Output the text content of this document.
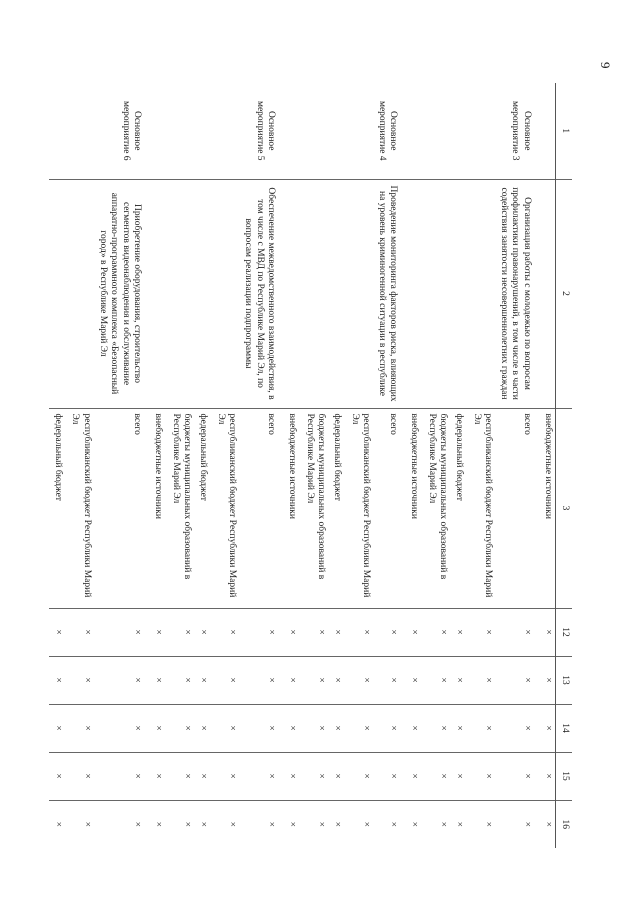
9
1	2	3	12	13	14	15	16
		внебюджетные источники	×	×	×	×	×
Основное мероприятие 3	Организация работы с молодежью по вопросам профилактики правонарушений, в том числе в части содействия занятости несовершеннолетних граждан	всего	×	×	×	×	×
		республиканский бюджет Республики Марий Эл	×	×	×	×	×
		федеральный бюджет	×	×	×	×	×
		бюджеты муниципальных образований в Республике Марий Эл	×	×	×	×	×
		внебюджетные источники	×	×	×	×	×
Основное мероприятие 4	Проведение мониторинга факторов риска, влияющих на уровень криминогенной ситуации в республике	всего	×	×	×	×	×
		республиканский бюджет Республики Марий Эл	×	×	×	×	×
		федеральный бюджет	×	×	×	×	×
		бюджеты муниципальных образований в Республике Марий Эл	×	×	×	×	×
		внебюджетные источники	×	×	×	×	×
Основное мероприятие 5	Обеспечение межведомственного взаимодействия, в том числе с МВД по Республике Марий Эл, по вопросам реализации подпрограммы	всего	×	×	×	×	×
		республиканский бюджет Республики Марий Эл	×	×	×	×	×
		федеральный бюджет	×	×	×	×	×
		бюджеты муниципальных образований в Республике Марий Эл	×	×	×	×	×
		внебюджетные источники	×	×	×	×	×
Основное мероприятие 6	Приобретение оборудования, строительство сегментов видеонаблюдения и обслуживание аппаратно-программного комплекса «Безопасный город» в Республике Марий Эл	всего	×	×	×	×	×
		республиканский бюджет Республики Марий Эл	×	×	×	×	×
		федеральный бюджет	×	×	×	×	×
